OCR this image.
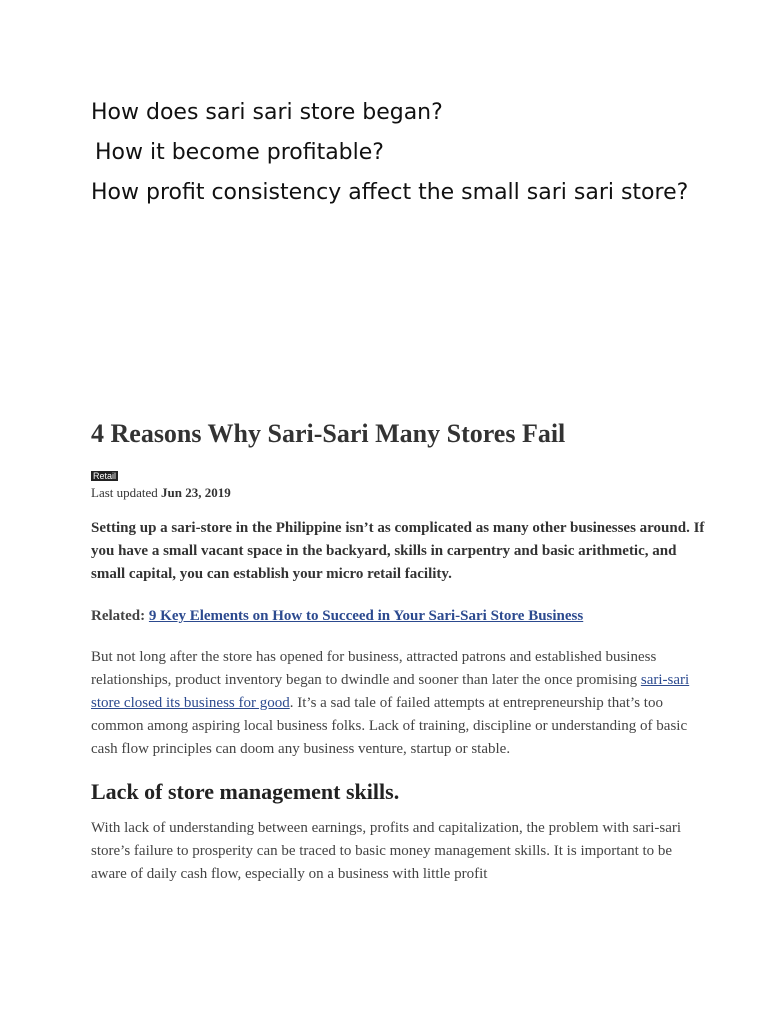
How does sari sari store began?

How it become profitable?

How profit consistency affect the small sari sari store?

4 Reasons Why Sari-Sari Many Stores Fail
Retail
Last updated Jun 23, 2019

Setting up a sari-store in the Philippine isn’t as complicated as many other businesses around. If you have a small vacant space in the backyard, skills in carpentry and basic arithmetic, and small capital, you can establish your micro retail facility.

Related: 9 Key Elements on How to Succeed in Your Sari-Sari Store Business

But not long after the store has opened for business, attracted patrons and established business relationships, product inventory began to dwindle and sooner than later the once promising sari-sari store closed its business for good. It’s a sad tale of failed attempts at entrepreneurship that’s too common among aspiring local business folks. Lack of training, discipline or understanding of basic cash flow principles can doom any business venture, startup or stable.

Lack of store management skills.

With lack of understanding between earnings, profits and capitalization, the problem with sari-sari store’s failure to prosperity can be traced to basic money management skills. It is important to be aware of daily cash flow, especially on a business with little profit
